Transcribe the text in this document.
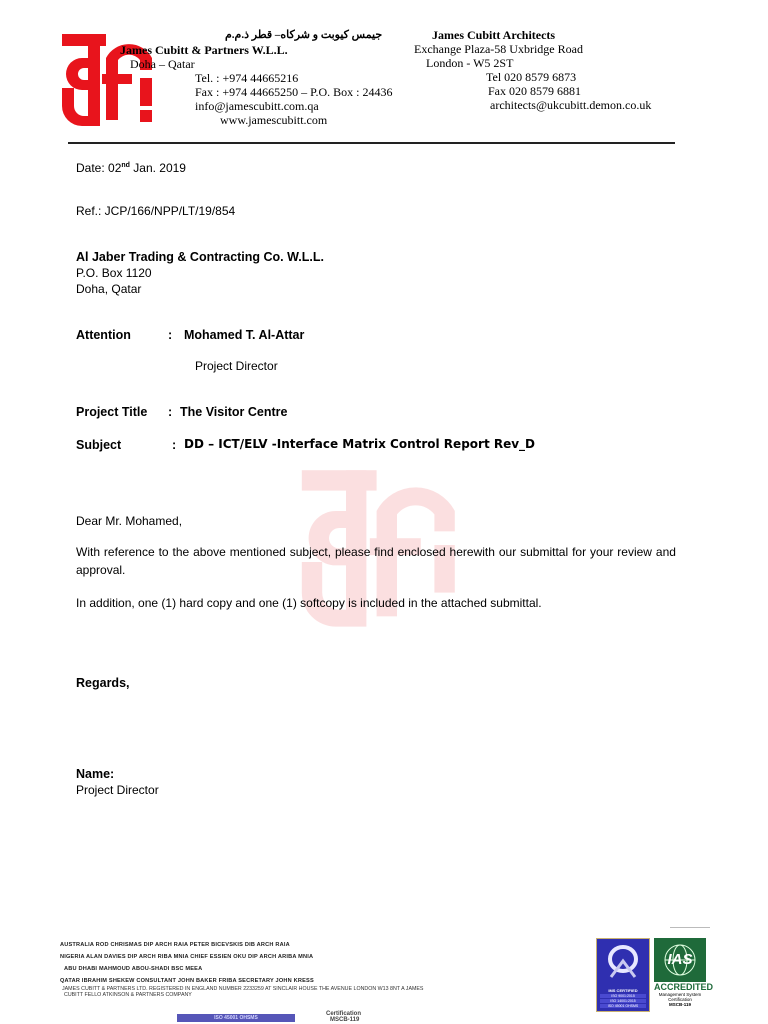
جيمس كيوبت و شركاه– قطر ذ.م.م
James Cubitt & Partners W.L.L.
Doha – Qatar
Tel. : +974 44665216
Fax : +974 44665250 – P.O. Box : 24436
info@jamescubitt.com.qa
www.jamescubitt.com
James Cubitt Architects
Exchange Plaza-58 Uxbridge Road
London - W5 2ST
Tel 020 8579 6873
Fax 020 8579 6881
architects@ukcubitt.demon.co.uk
Date: 02nd Jan. 2019
Ref.: JCP/166/NPP/LT/19/854
Al Jaber Trading & Contracting Co. W.L.L.
P.O. Box 1120
Doha, Qatar
Attention	: Mohamed T. Al-Attar
Project Director
Project Title : The Visitor Centre
Subject	: DD – ICT/ELV -Interface Matrix Control Report Rev_D
Dear Mr. Mohamed,
With reference to the above mentioned subject, please find enclosed herewith our submittal for your review and
approval.
In addition, one (1) hard copy and one (1) softcopy is included in the attached submittal.
Regards,
Name:
Project Director
AUSTRALIA ROD CHRISMAS DIP ARCH RAIA PETER BICEVSKIS DIB ARCH RAIA
NIGERIA ALAN DAVIES DIP ARCH RIBA MNIA CHIEF ESSIEN OKU DIP ARCH ARIBA MNIA
ABU DHABI MAHMOUD ABOU-SHADI BSC MEEA
QATAR IBRAHIM SHEKEW CONSULTANT JOHN BAKER FRIBA SECRETARY JOHN KRESS
JAMES CUBITT & PARTNERS LTD. REGISTERED IN ENGLAND NUMBER 2233259 AT SINCLAIR HOUSE THE AVENUE LONDON W13 8NT A JAMES
CUBITT FELLO ATKINSON & PARTNERS COMPANY
ISO 45001 OHSMS
Certification
MSCB-119
IMS CERTIFIED
ISO 9001:2015
ISO 14001:2015
ISO 45001 OHSMS
IAS
ACCREDITED
Management System
Certification
MSCB-119
